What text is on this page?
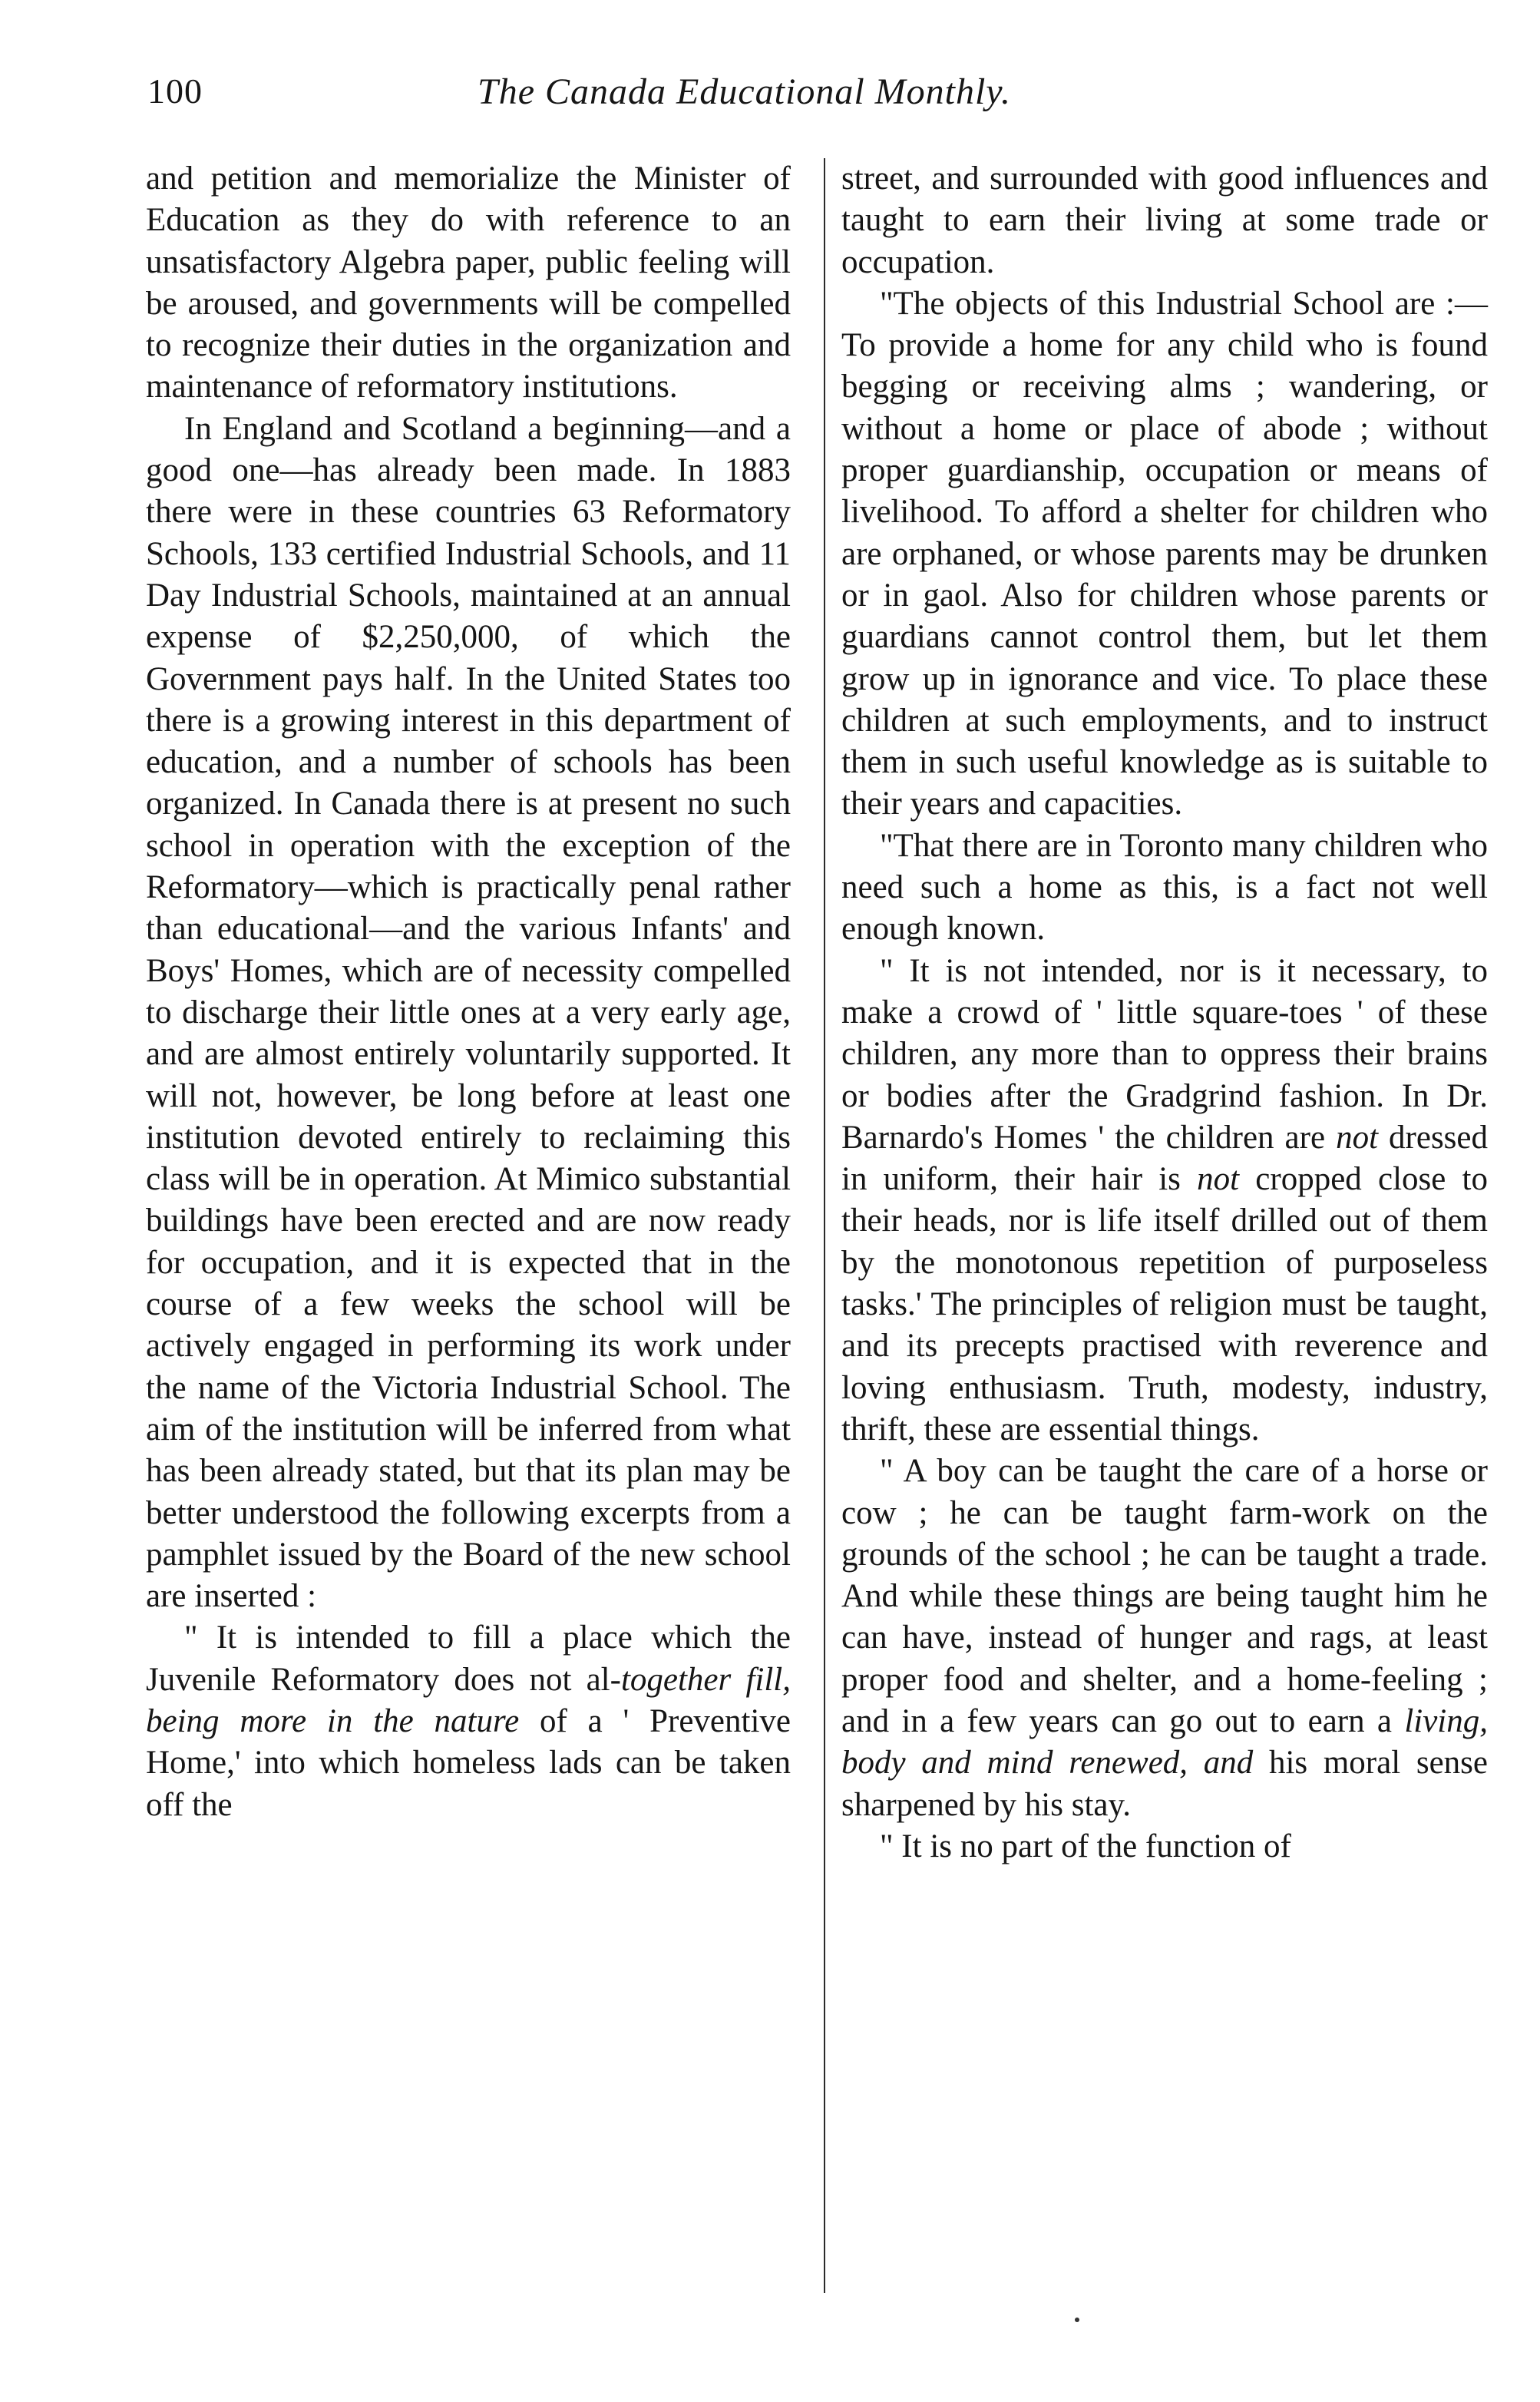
100	The Canada Educational Monthly.

and petition and memorialize the Minister of Education as they do with reference to an unsatisfactory Algebra paper, public feeling will be aroused, and governments will be compelled to recognize their duties in the organization and maintenance of reformatory institutions.

In England and Scotland a beginning—and a good one—has already been made. In 1883 there were in these countries 63 Reformatory Schools, 133 certified Industrial Schools, and 11 Day Industrial Schools, maintained at an annual expense of $2,250,000, of which the Government pays half. In the United States too there is a growing interest in this department of education, and a number of schools has been organized. In Canada there is at present no such school in operation with the exception of the Reformatory—which is practically penal rather than educational—and the various Infants' and Boys' Homes, which are of necessity compelled to discharge their little ones at a very early age, and are almost entirely voluntarily supported. It will not, however, be long before at least one institution devoted entirely to reclaiming this class will be in operation. At Mimico substantial buildings have been erected and are now ready for occupation, and it is expected that in the course of a few weeks the school will be actively engaged in performing its work under the name of the Victoria Industrial School. The aim of the institution will be inferred from what has been already stated, but that its plan may be better understood the following excerpts from a pamphlet issued by the Board of the new school are inserted :

" It is intended to fill a place which the Juvenile Reformatory does not al-together fill, being more in the nature of a ' Preventive Home,' into which homeless lads can be taken off the

street, and surrounded with good influences and taught to earn their living at some trade or occupation.

"The objects of this Industrial School are :—To provide a home for any child who is found begging or receiving alms ; wandering, or without a home or place of abode ; without proper guardianship, occupation or means of livelihood. To afford a shelter for children who are orphaned, or whose parents may be drunken or in gaol. Also for children whose parents or guardians cannot control them, but let them grow up in ignorance and vice. To place these children at such employments, and to instruct them in such useful knowledge as is suitable to their years and capacities.

"That there are in Toronto many children who need such a home as this, is a fact not well enough known.

" It is not intended, nor is it necessary, to make a crowd of ' little square-toes ' of these children, any more than to oppress their brains or bodies after the Gradgrind fashion. In Dr. Barnardo's Homes ' the children are not dressed in uniform, their hair is not cropped close to their heads, nor is life itself drilled out of them by the monotonous repetition of purposeless tasks.' The principles of religion must be taught, and its precepts practised with reverence and loving enthusiasm. Truth, modesty, industry, thrift, these are essential things.

" A boy can be taught the care of a horse or cow ; he can be taught farm-work on the grounds of the school ; he can be taught a trade. And while these things are being taught him he can have, instead of hunger and rags, at least proper food and shelter, and a home-feeling ; and in a few years can go out to earn a living, body and mind renewed, and his moral sense sharpened by his stay.

" It is no part of the function of
